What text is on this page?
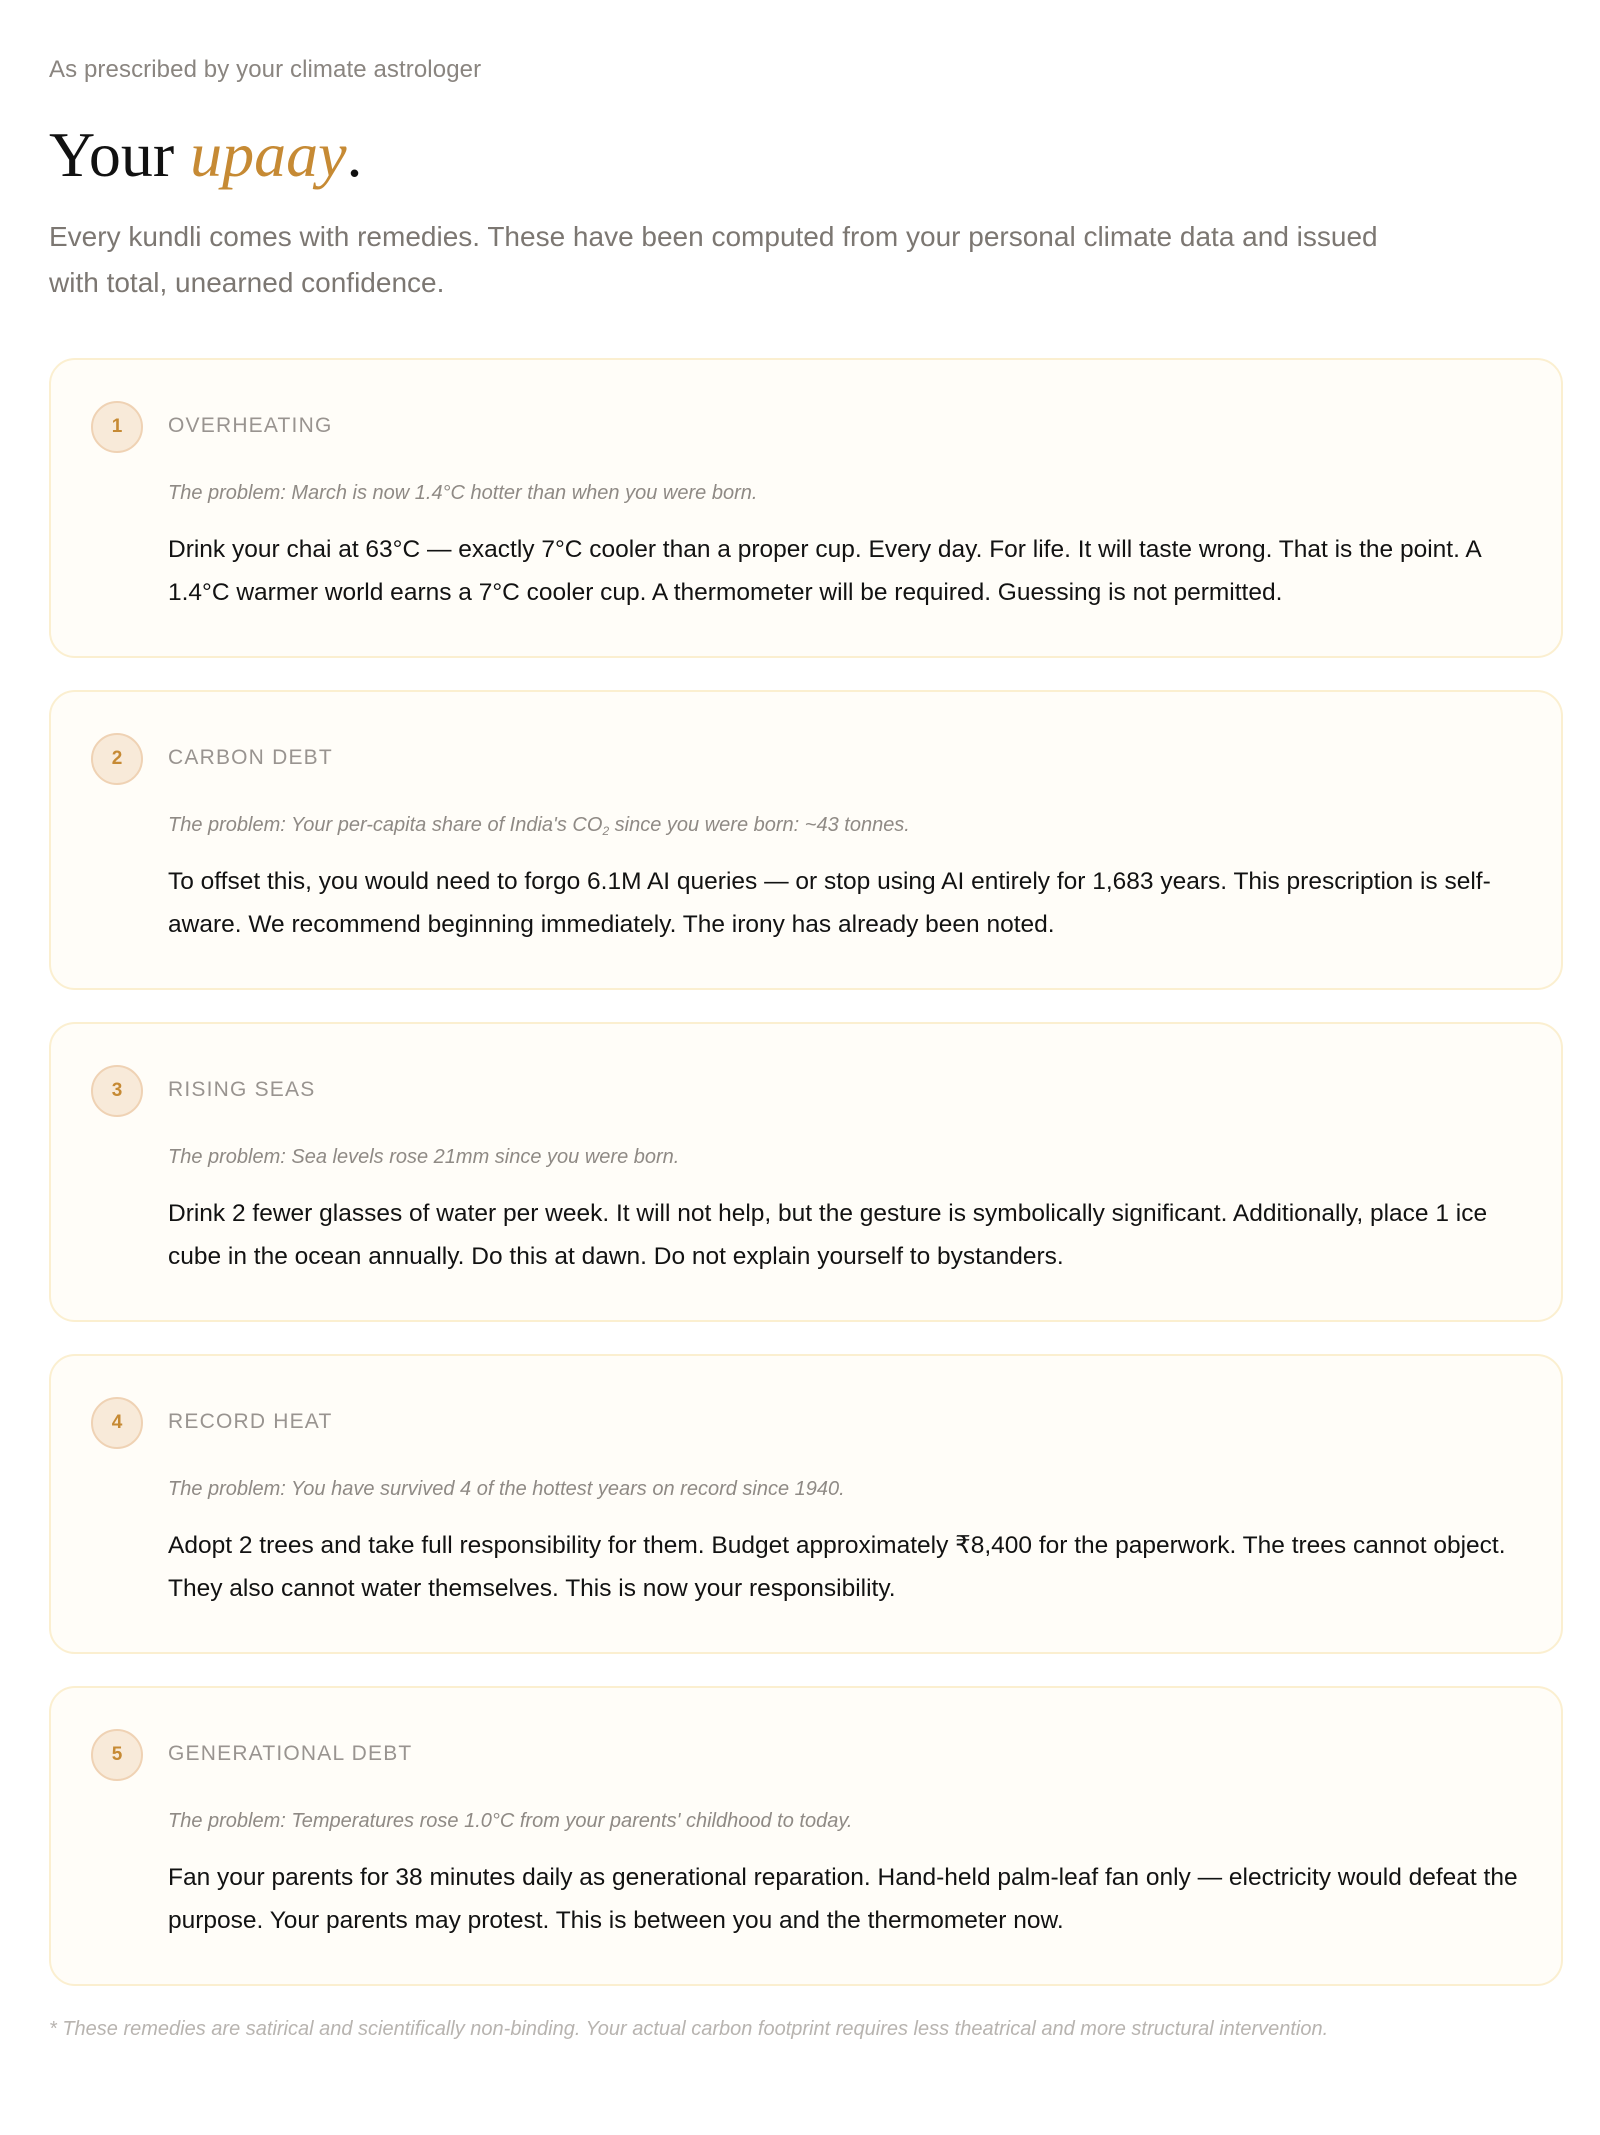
As prescribed by your climate astrologer
Your upaay.

Every kundli comes with remedies. These have been computed from your personal climate data and issued with total, unearned confidence.

1	OVERHEATING
The problem: March is now 1.4°C hotter than when you were born.

Drink your chai at 63°C — exactly 7°C cooler than a proper cup. Every day. For life. It will taste wrong. That is the point. A 1.4°C warmer world earns a 7°C cooler cup. A thermometer will be required. Guessing is not permitted.

2	CARBON DEBT
The problem: Your per-capita share of India's $CO_2$ since you were born: ~43 tonnes.

To offset this, you would need to forgo 6.1M AI queries — or stop using AI entirely for 1,683 years. This prescription is self-aware. We recommend beginning immediately. The irony has already been noted.

3	RISING SEAS
The problem: Sea levels rose 21mm since you were born.

Drink 2 fewer glasses of water per week. It will not help, but the gesture is symbolically significant. Additionally, place 1 ice cube in the ocean annually. Do this at dawn. Do not explain yourself to bystanders.

4	RECORD HEAT
The problem: You have survived 4 of the hottest years on record since 1940.

Adopt 2 trees and take full responsibility for them. Budget approximately ₹8,400 for the paperwork. The trees cannot object. They also cannot water themselves. This is now your responsibility.

5	GENERATIONAL DEBT
The problem: Temperatures rose 1.0°C from your parents' childhood to today.

Fan your parents for 38 minutes daily as generational reparation. Hand-held palm-leaf fan only — electricity would defeat the purpose. Your parents may protest. This is between you and the thermometer now.

* These remedies are satirical and scientifically non-binding. Your actual carbon footprint requires less theatrical and more structural intervention.
